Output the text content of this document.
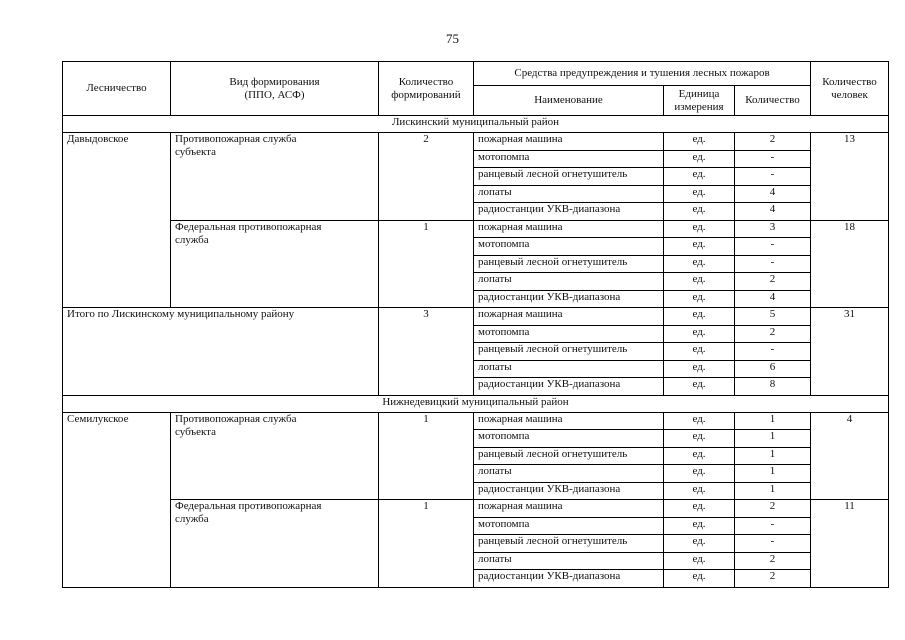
75
Лесничество	Вид формирования
(ППО, АСФ)	Количество
формирований	Средства предупреждения и тушения лесных пожаров			Количество
человек
			Наименование	Единица
измерения	Количество	
Лискинский муниципальный район						
Давыдовское	Противопожарная служба
субъекта	2	пожарная машина	ед.	2	13
			мотопомпа	ед.	-	
			ранцевый лесной огнетушитель	ед.	-	
			лопаты	ед.	4	
			радиостанции УКВ-диапазона	ед.	4	
	Федеральная противопожарная
служба	1	пожарная машина	ед.	3	18
			мотопомпа	ед.	-	
			ранцевый лесной огнетушитель	ед.	-	
			лопаты	ед.	2	
			радиостанции УКВ-диапазона	ед.	4	
Итого по Лискинскому муниципальному району		3	пожарная машина	ед.	5	31
			мотопомпа	ед.	2	
			ранцевый лесной огнетушитель	ед.	-	
			лопаты	ед.	6	
			радиостанции УКВ-диапазона	ед.	8	
Нижнедевицкий муниципальный район						
Семилукское	Противопожарная служба
субъекта	1	пожарная машина	ед.	1	4
			мотопомпа	ед.	1	
			ранцевый лесной огнетушитель	ед.	1	
			лопаты	ед.	1	
			радиостанции УКВ-диапазона	ед.	1	
	Федеральная противопожарная
служба	1	пожарная машина	ед.	2	11
			мотопомпа	ед.	-	
			ранцевый лесной огнетушитель	ед.	-	
			лопаты	ед.	2	
			радиостанции УКВ-диапазона	ед.	2	
